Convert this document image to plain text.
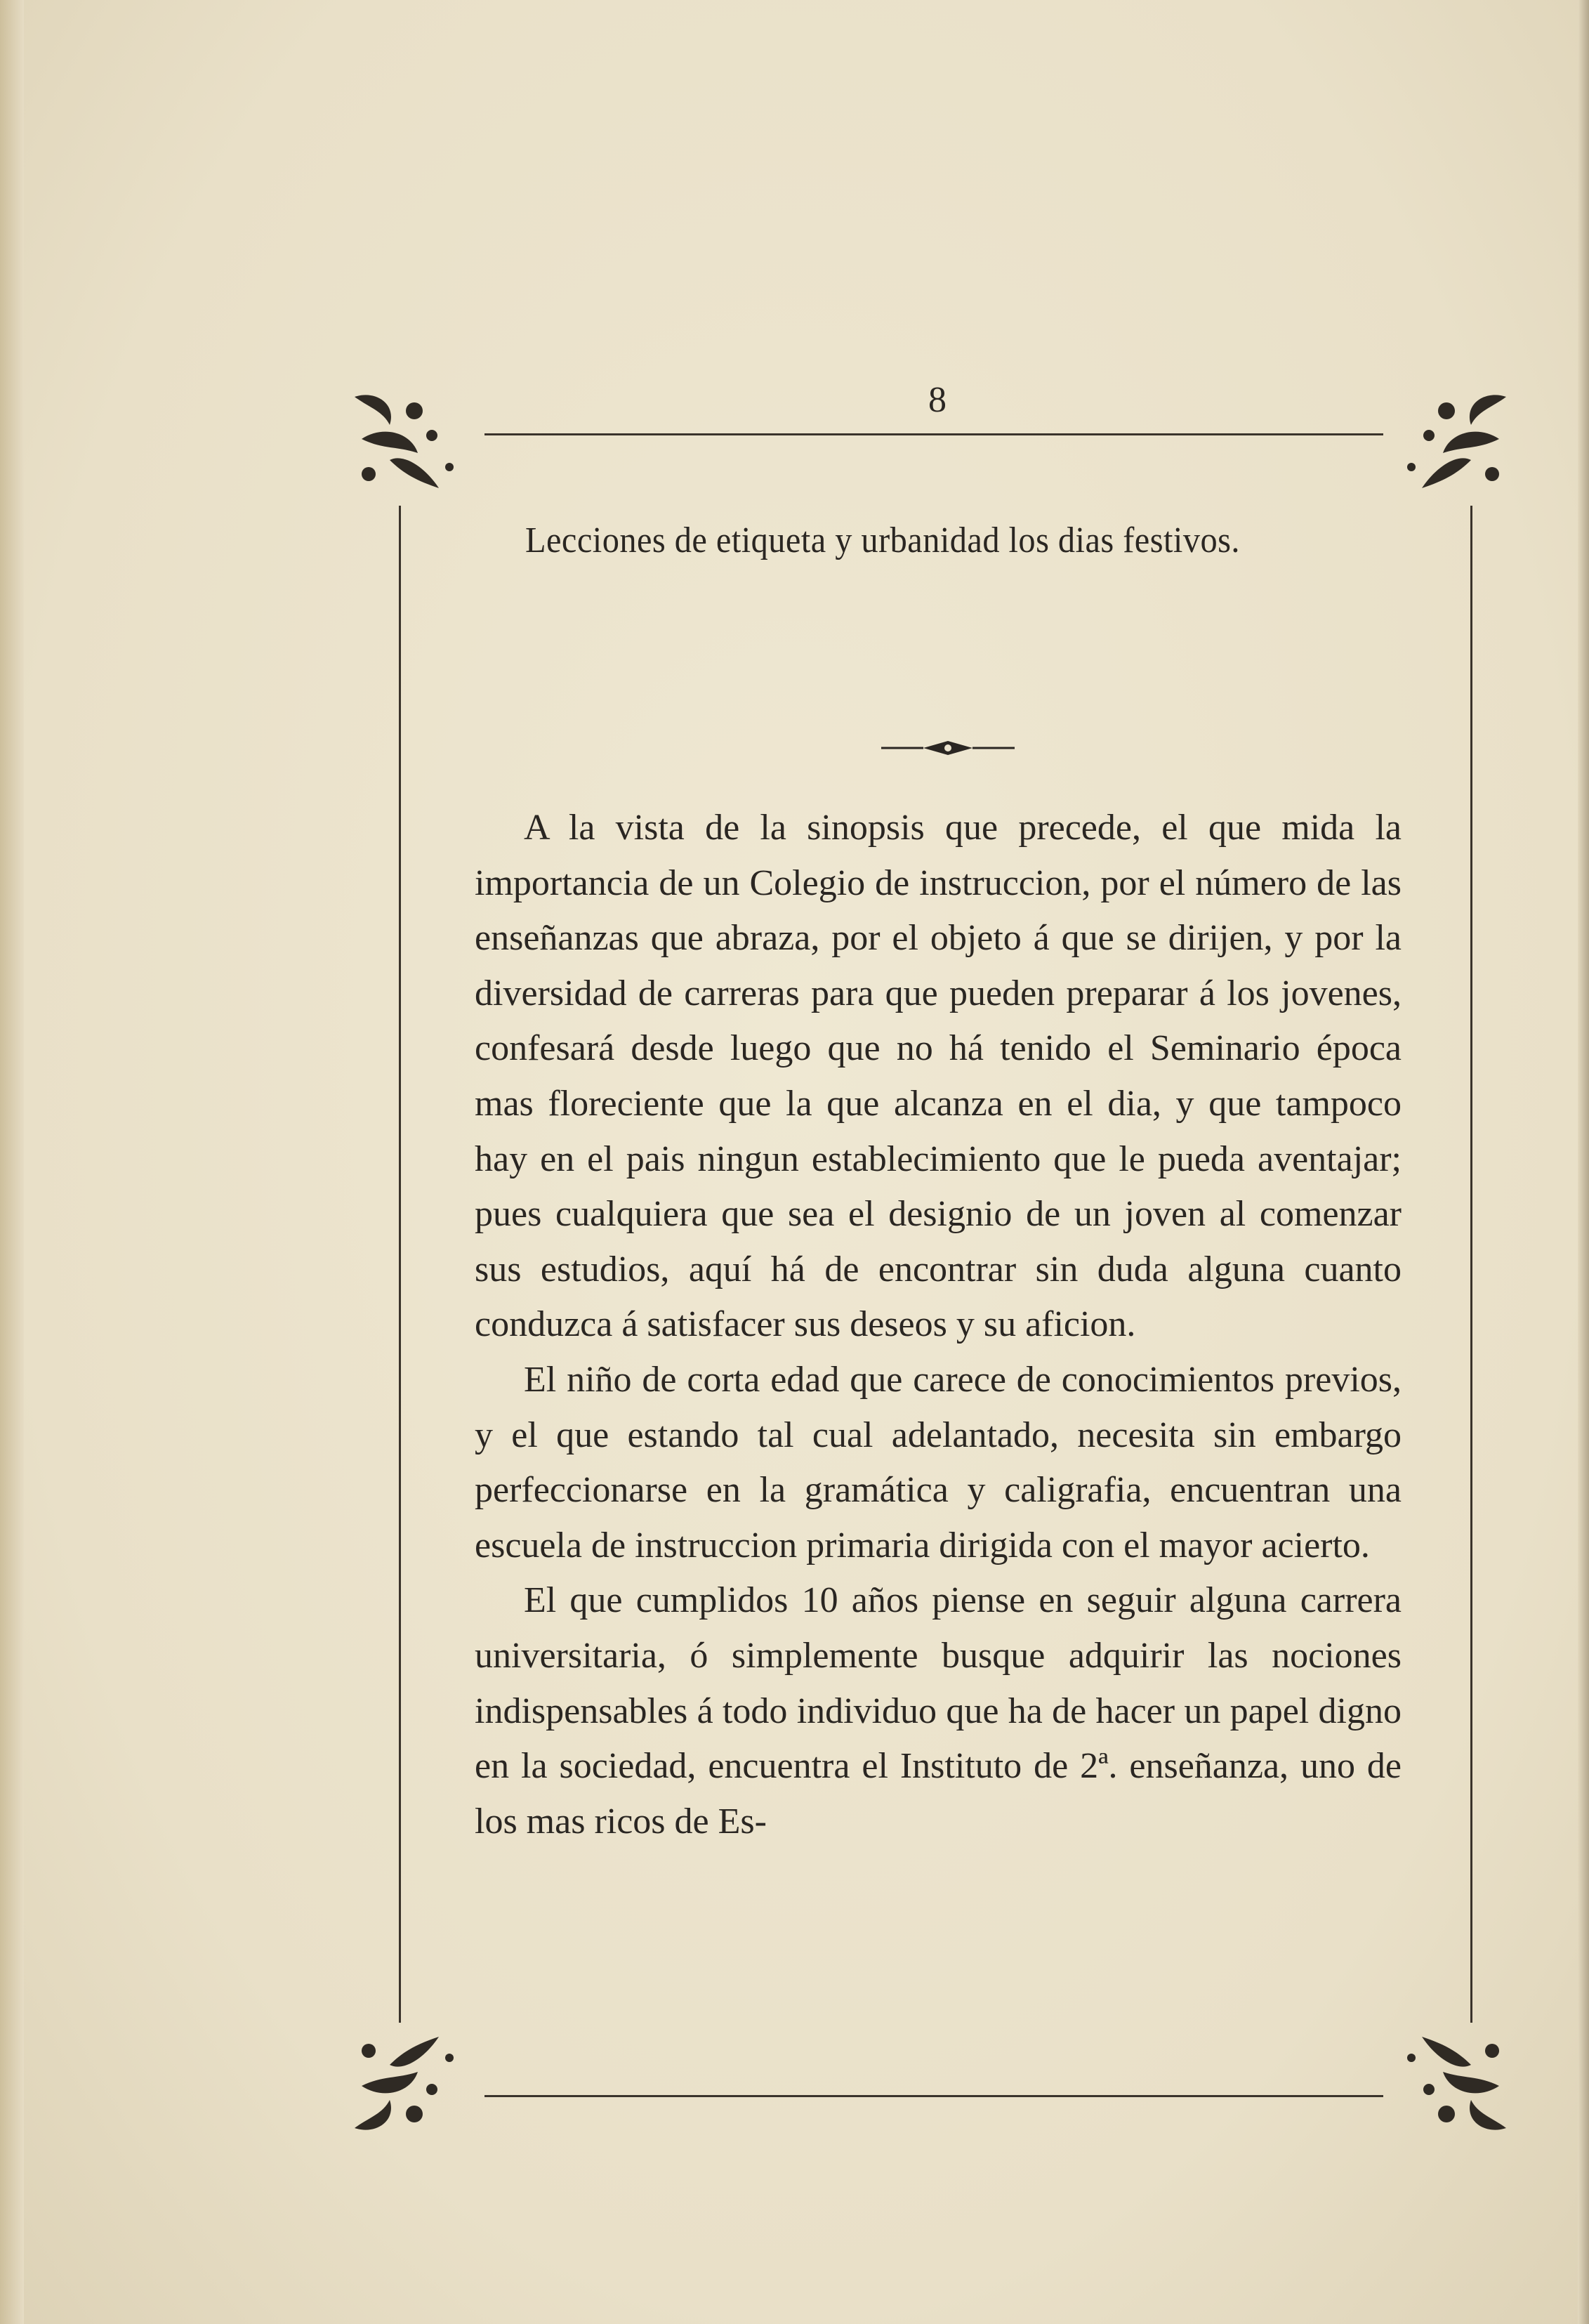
8
Lecciones de etiqueta y urbanidad los dias festivos.

A la vista de la sinopsis que precede, el que mida la importancia de un Colegio de instruccion, por el número de las enseñanzas que abraza, por el objeto á que se dirijen, y por la diversidad de carreras para que pueden preparar á los jovenes, confesará desde luego que no há tenido el Seminario época mas floreciente que la que alcanza en el dia, y que tampoco hay en el pais ningun establecimiento que le pueda aventajar; pues cualquiera que sea el designio de un joven al comenzar sus estudios, aquí há de encontrar sin duda alguna cuanto conduzca á satisfacer sus deseos y su aficion.

El niño de corta edad que carece de conocimientos previos, y el que estando tal cual adelantado, necesita sin embargo perfeccionarse en la gramática y caligrafia, encuentran una escuela de instruccion primaria dirigida con el mayor acierto.

El que cumplidos 10 años piense en seguir alguna carrera universitaria, ó simplemente busque adquirir las nociones indispensables á todo individuo que ha de hacer un papel digno en la sociedad, encuentra el Instituto de 2ª. enseñanza, uno de los mas ricos de Es-
